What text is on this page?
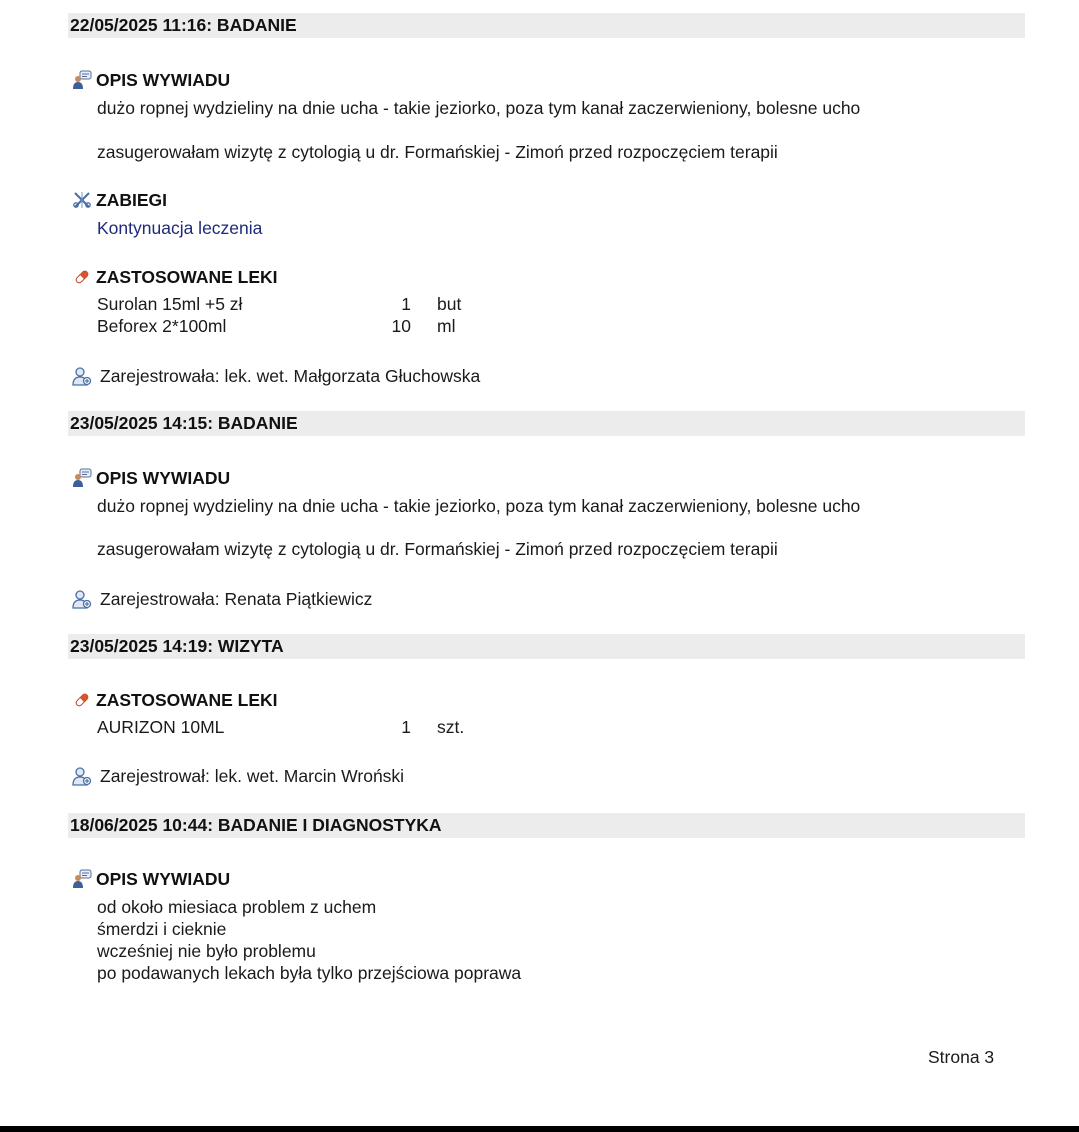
22/05/2025 11:16: BADANIE
OPIS WYWIADU
dużo ropnej wydzieliny na dnie ucha - takie jeziorko, poza tym kanał zaczerwieniony, bolesne ucho
zasugerowałam wizytę z cytologią u dr. Formańskiej - Zimoń przed rozpoczęciem terapii
ZABIEGI
Kontynuacja leczenia
ZASTOSOWANE LEKI
Surolan 15ml +5 zł	1 but
Beforex 2*100ml	10 ml
Zarejestrowała: lek. wet. Małgorzata Głuchowska
23/05/2025 14:15: BADANIE
OPIS WYWIADU
dużo ropnej wydzieliny na dnie ucha - takie jeziorko, poza tym kanał zaczerwieniony, bolesne ucho
zasugerowałam wizytę z cytologią u dr. Formańskiej - Zimoń przed rozpoczęciem terapii
Zarejestrowała: Renata Piątkiewicz
23/05/2025 14:19: WIZYTA
ZASTOSOWANE LEKI
AURIZON 10ML	1 szt.
Zarejestrował: lek. wet. Marcin Wroński
18/06/2025 10:44: BADANIE I DIAGNOSTYKA
OPIS WYWIADU
od około miesiaca problem z uchem
śmerdzi i cieknie
wcześniej nie było problemu
po podawanych lekach była tylko przejściowa poprawa
Strona 3
